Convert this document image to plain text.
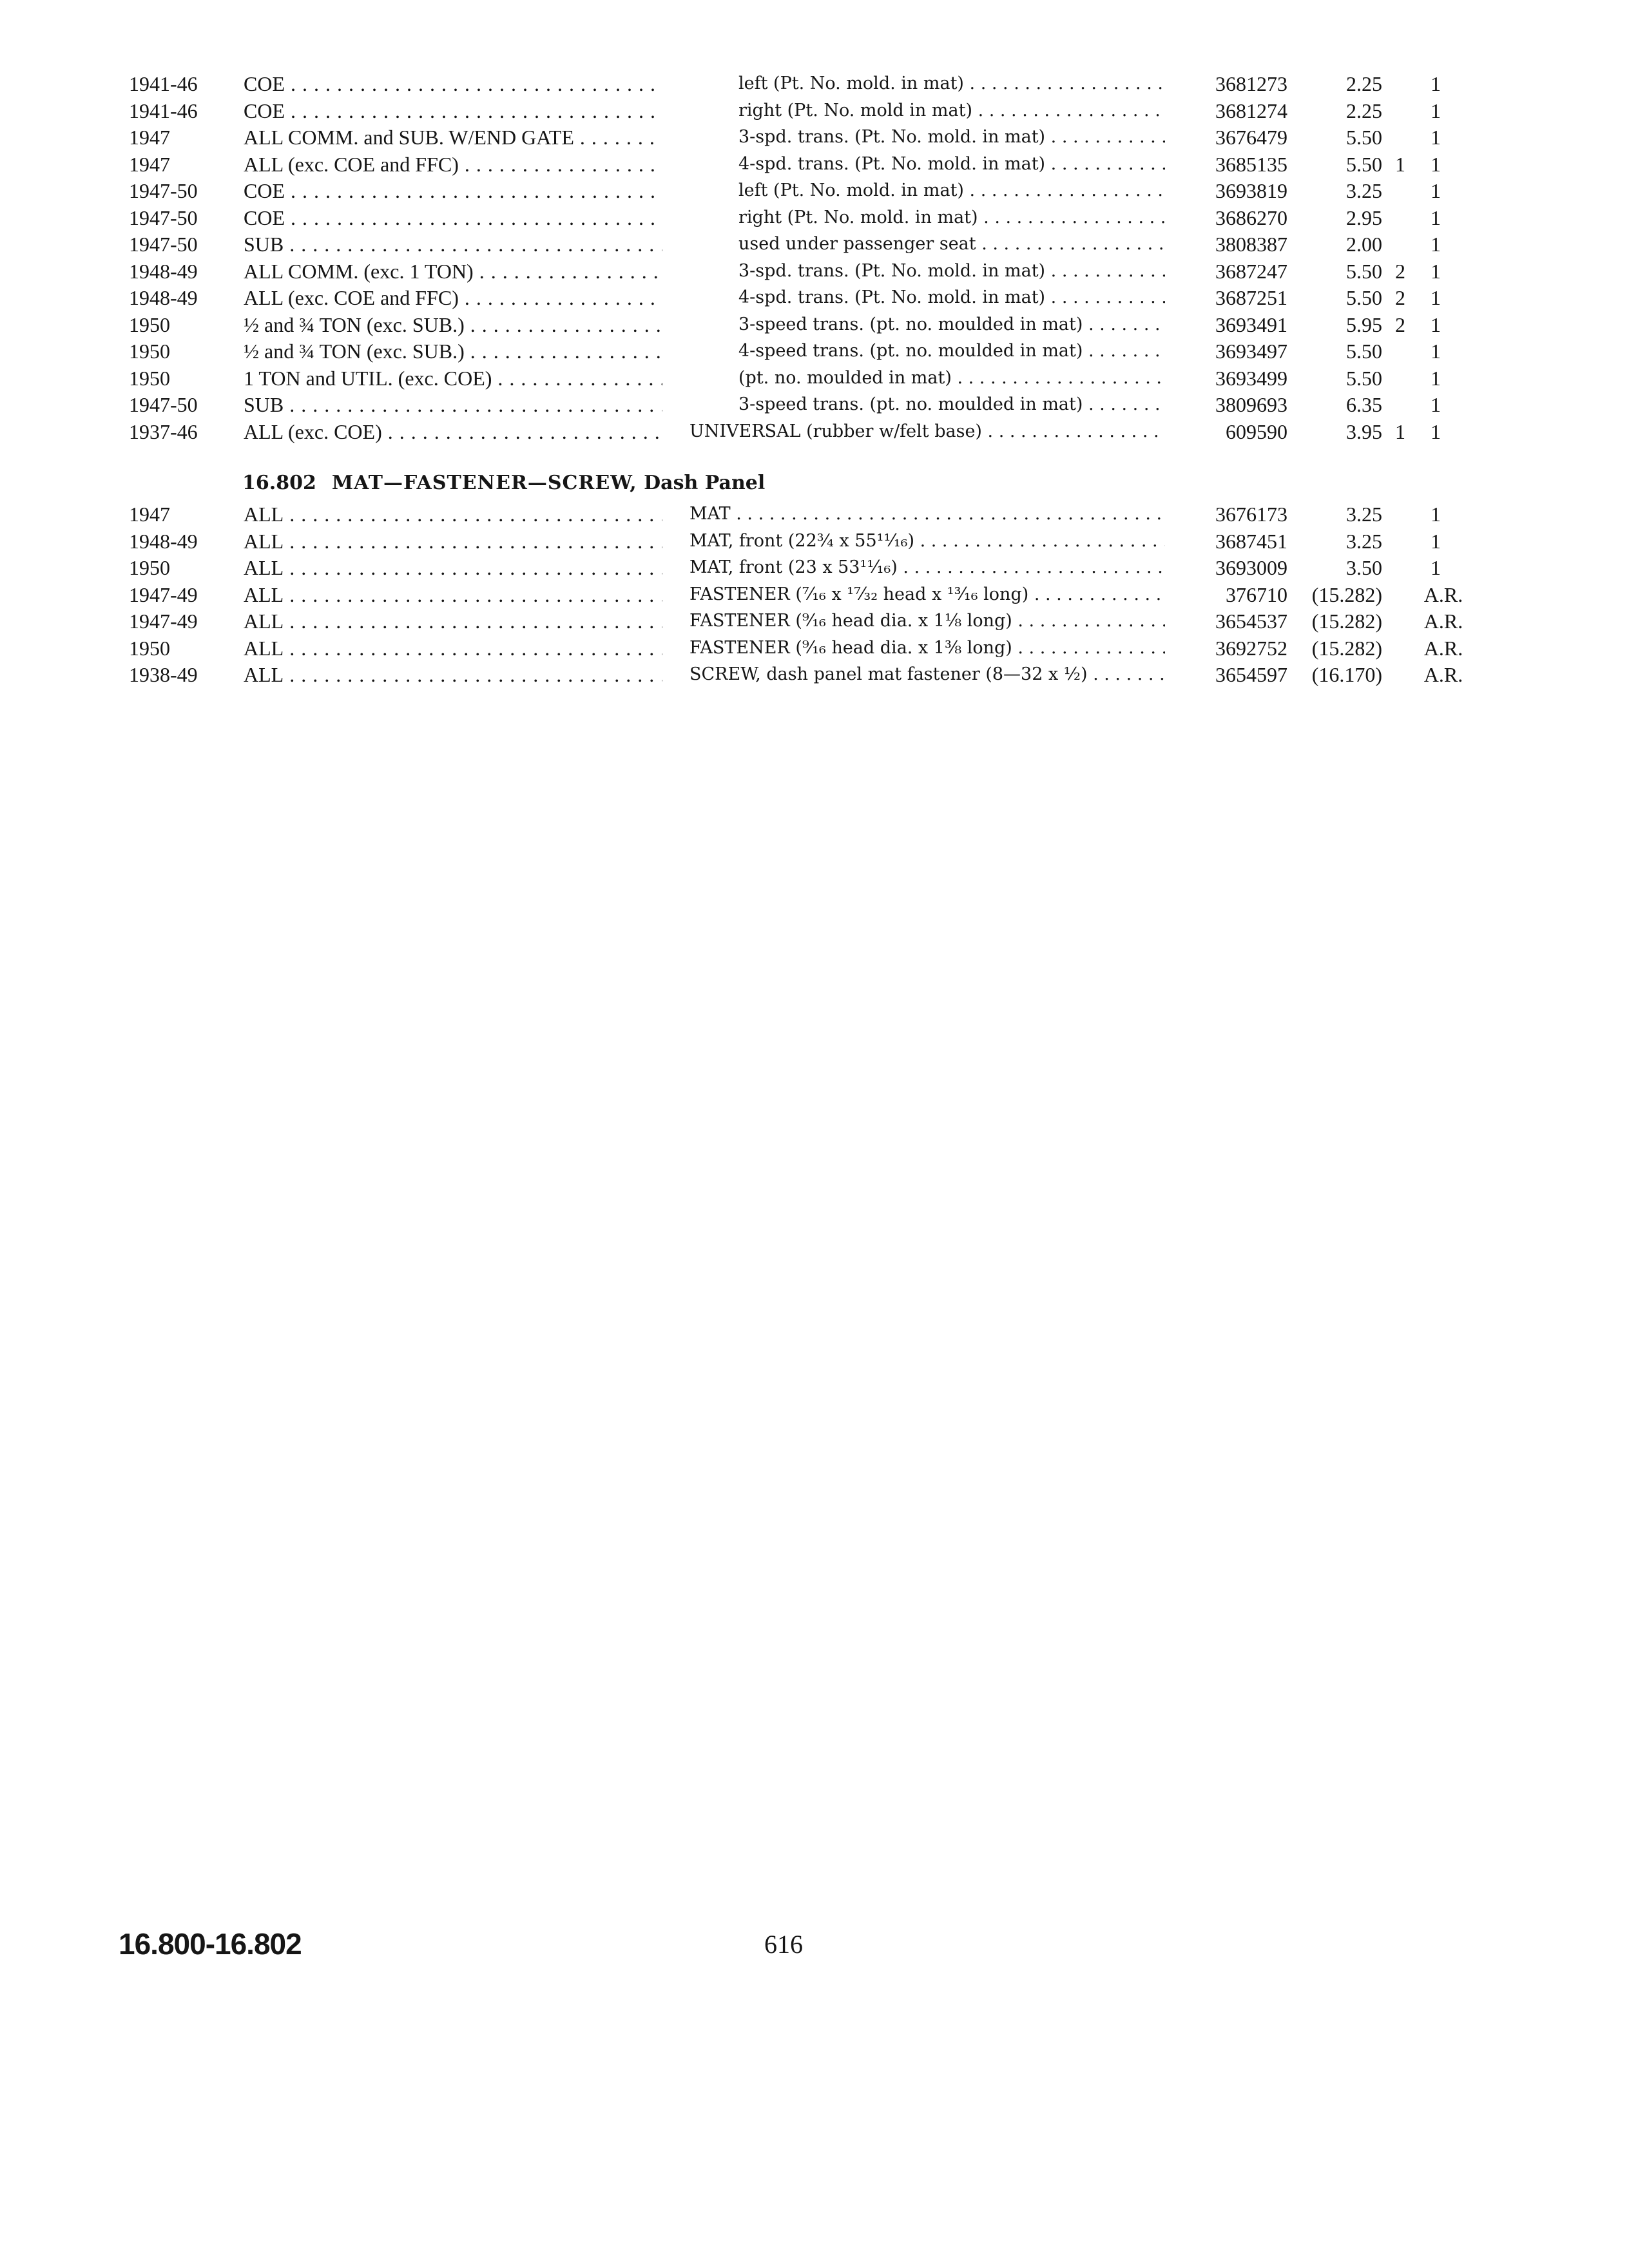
1941-46	COE . . .	left (Pt. No. mold. in mat) . . .	3681273	2.25	1
1941-46	COE . . .	right (Pt. No. mold in mat) . . .	3681274	2.25	1
1947	ALL COMM. and SUB. W/END GATE . . .	3-spd. trans. (Pt. No. mold. in mat) . . .	3676479	5.50	1
1947	ALL (exc. COE and FFC) . . .	4-spd. trans. (Pt. No. mold. in mat) . . .	3685135	5.50 1	1
1947-50	COE . . .	left (Pt. No. mold. in mat) . . .	3693819	3.25	1
1947-50	COE . . .	right (Pt. No. mold. in mat) . . .	3686270	2.95	1
1947-50	SUB . . .	used under passenger seat . . .	3808387	2.00	1
1948-49	ALL COMM. (exc. 1 TON) . . .	3-spd. trans. (Pt. No. mold. in mat) . . .	3687247	5.50 2	1
1948-49	ALL (exc. COE and FFC) . . .	4-spd. trans. (Pt. No. mold. in mat) . . .	3687251	5.50 2	1
1950	½ and ¾ TON (exc. SUB.) . . .	3-speed trans. (pt. no. moulded in mat) . . .	3693491	5.95 2	1
1950	½ and ¾ TON (exc. SUB.) . . .	4-speed trans. (pt. no. moulded in mat) . . .	3693497	5.50	1
1950	1 TON and UTIL. (exc. COE) . . .	(pt. no. moulded in mat) . . .	3693499	5.50	1
1947-50	SUB . . .	3-speed trans. (pt. no. moulded in mat) . . .	3809693	6.35	1
1937-46	ALL (exc. COE) . . .	UNIVERSAL (rubber w/felt base) . . .	609590	3.95 1	1
16.802 MAT—FASTENER—SCREW, Dash Panel
1947	ALL . . .	MAT . . .	3676173	3.25	1
1948-49	ALL . . .	MAT, front (22¾ x 55¹¹⁄₁₆) . . .	3687451	3.25	1
1950	ALL . . .	MAT, front (23 x 53¹¹⁄₁₆) . . .	3693009	3.50	1
1947-49	ALL . . .	FASTENER (⁷⁄₁₆ x ¹⁷⁄₃₂ head x ¹³⁄₁₆ long) . . .	376710	(15.282)	A.R.
1947-49	ALL . . .	FASTENER (⁹⁄₁₆ head dia. x 1⅛ long) . . .	3654537	(15.282)	A.R.
1950	ALL . . .	FASTENER (⁹⁄₁₆ head dia. x 1⅜ long) . . .	3692752	(15.282)	A.R.
1938-49	ALL . . .	SCREW, dash panel mat fastener (8—32 x ½) . . .	3654597	(16.170)	A.R.
16.800-16.802	616
